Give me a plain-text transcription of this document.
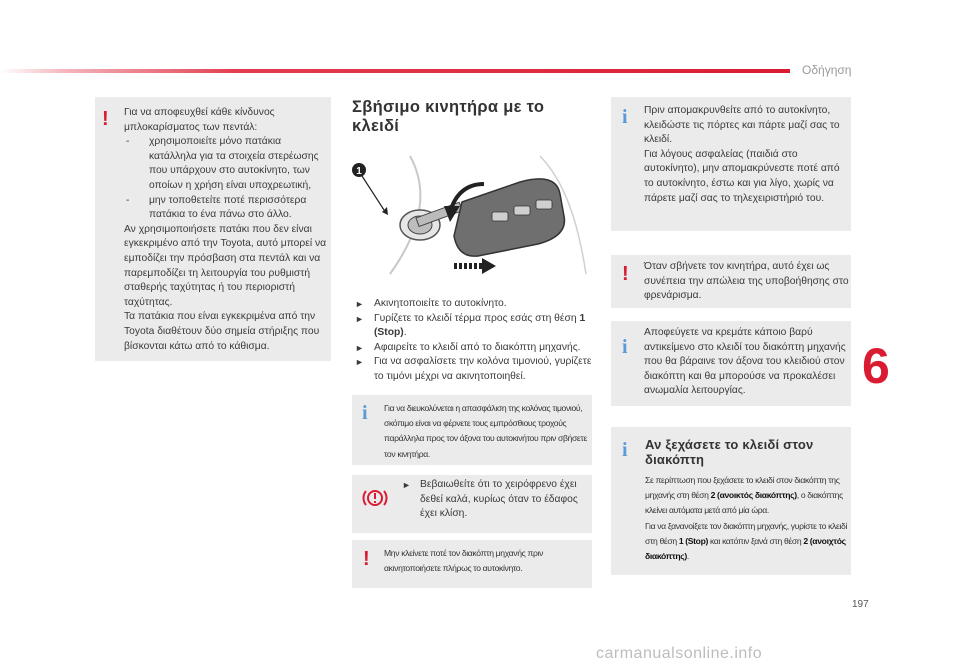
Οδήγηση
6
197
carmanualsonline.info
! Για να αποφευχθεί κάθε κίνδυνος μπλοκαρίσματος των πεντάλ:
- χρησιμοποιείτε μόνο πατάκια κατάλληλα για τα στοιχεία στερέωσης που υπάρχουν στο αυτοκίνητο, των οποίων η χρήση είναι υποχρεωτική,
- μην τοποθετείτε ποτέ περισσότερα πατάκια το ένα πάνω στο άλλο.
Αν χρησιμοποιήσετε πατάκι που δεν είναι εγκεκριμένο από την Toyota, αυτό μπορεί να εμποδίζει την πρόσβαση στα πεντάλ και να παρεμποδίζει τη λειτουργία του ρυθμιστή σταθερής ταχύτητας ή του περιοριστή ταχύτητας.
Τα πατάκια που είναι εγκεκριμένα από την Toyota διαθέτουν δύο σημεία στήριξης που βίσκονται κάτω από το κάθισμα.
Σβήσιμο κινητήρα με το κλειδί
1
► Ακινητοποιείτε το αυτοκίνητο.
► Γυρίζετε το κλειδί τέρμα προς εσάς στη θέση 1 (Stop).
► Αφαιρείτε το κλειδί από το διακόπτη μηχανής.
► Για να ασφαλίσετε την κολόνα τιμονιού, γυρίζετε το τιμόνι μέχρι να ακινητοποιηθεί.
i Για να διευκολύνεται η απασφάλιση της κολόνας τιμονιού, σκόπιμο είναι να φέρνετε τους εμπρόσθιους τροχούς παράλληλα προς τον άξονα του αυτοκινήτου πριν σβήσετε τον κινητήρα.
► Βεβαιωθείτε ότι το χειρόφρενο έχει δεθεί καλά, κυρίως όταν το έδαφος έχει κλίση.
! Μην κλείνετε ποτέ τον διακόπτη μηχανής πριν ακινητοποιήσετε πλήρως το αυτοκίνητο.
i Πριν απομακρυνθείτε από το αυτοκίνητο, κλειδώστε τις πόρτες και πάρτε μαζί σας το κλειδί.
Για λόγους ασφαλείας (παιδιά στο αυτοκίνητο), μην απομακρύνεστε ποτέ από το αυτοκίνητο, έστω και για λίγο, χωρίς να πάρετε μαζί σας το τηλεχειριστήριό του.
! Όταν σβήνετε τον κινητήρα, αυτό έχει ως συνέπεια την απώλεια της υποβοήθησης στο φρενάρισμα.
i
Αποφεύγετε να κρεμάτε κάποιο βαρύ αντικείμενο στο κλειδί του διακόπτη μηχανής που θα βάραινε τον άξονα του κλειδιού στον διακόπτη και θα μπορούσε να προκαλέσει ανωμαλία λειτουργίας.
i Αν ξεχάσετε το κλειδί στον διακόπτη
Σε περίπτωση που ξεχάσετε το κλειδί στον διακόπτη της μηχανής στη θέση 2 (ανοικτός διακόπτης), ο διακόπτης κλείνει αυτόματα μετά από μία ώρα.
Για να ξανανοίξετε τον διακόπτη μηχανής, γυρίστε το κλειδί στη θέση 1 (Stop) και κατόπιν ξανά στη θέση 2 (ανοιχτός διακόπτης).
